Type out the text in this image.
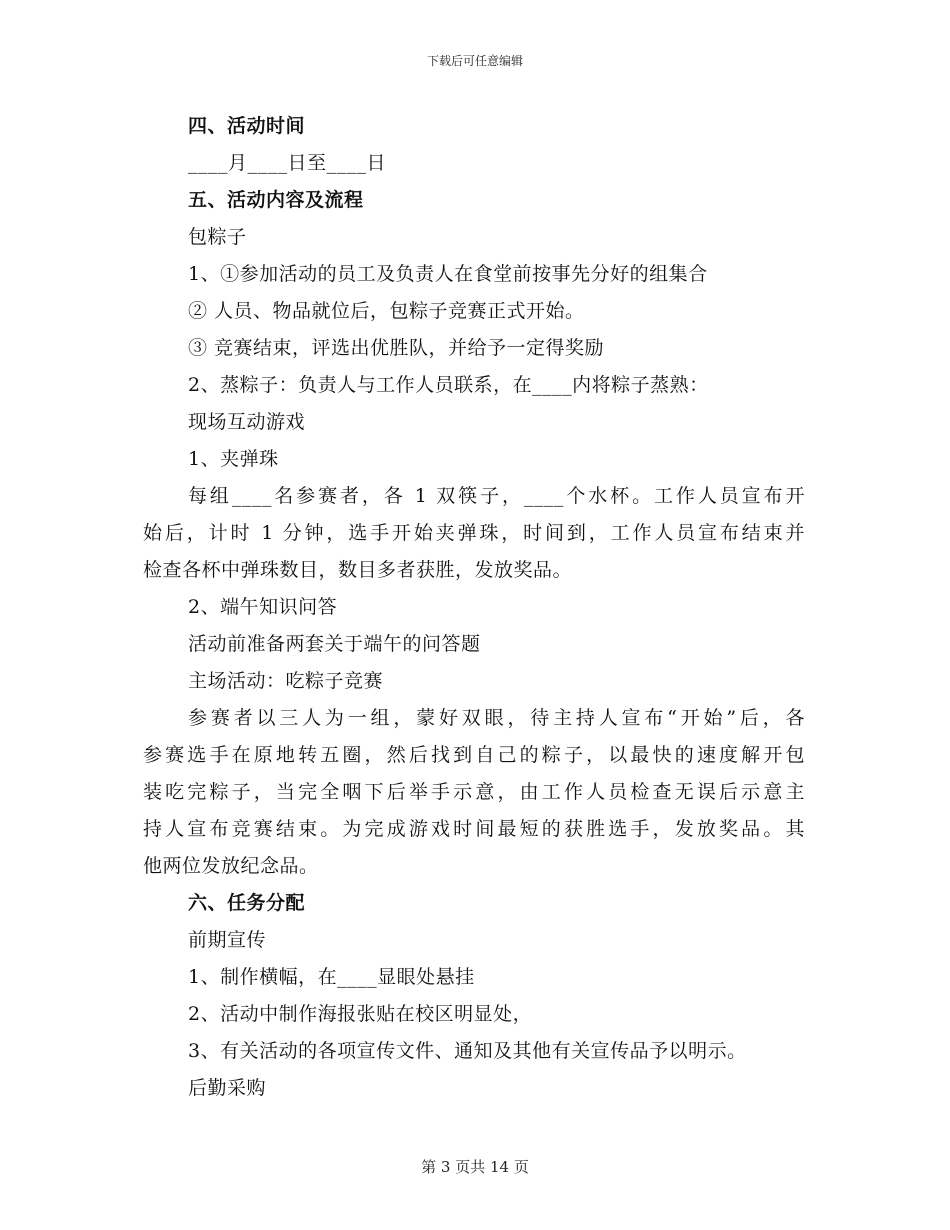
下载后可任意编辑
四、活动时间
____月____日至____日
五、活动内容及流程
包粽子
1、①参加活动的员工及负责人在食堂前按事先分好的组集合
② 人员、物品就位后，包粽子竞赛正式开始。
③ 竞赛结束，评选出优胜队，并给予一定得奖励
2、蒸粽子：负责人与工作人员联系，在____内将粽子蒸熟：
现场互动游戏
1、夹弹珠
每组____名参赛者，各 1 双筷子，____个水杯。工作人员宣布开
始后，计时 1 分钟，选手开始夹弹珠，时间到，工作人员宣布结束并
检查各杯中弹珠数目，数目多者获胜，发放奖品。
2、端午知识问答
活动前准备两套关于端午的问答题
主场活动：吃粽子竞赛
参赛者以三人为一组，蒙好双眼，待主持人宣布“开始”后，各
参赛选手在原地转五圈，然后找到自己的粽子，以最快的速度解开包
装吃完粽子，当完全咽下后举手示意，由工作人员检查无误后示意主
持人宣布竞赛结束。为完成游戏时间最短的获胜选手，发放奖品。其
他两位发放纪念品。
六、任务分配
前期宣传
1、制作横幅，在____显眼处悬挂
2、活动中制作海报张贴在校区明显处，
3、有关活动的各项宣传文件、通知及其他有关宣传品予以明示。
后勤采购
第 3 页共 14 页
